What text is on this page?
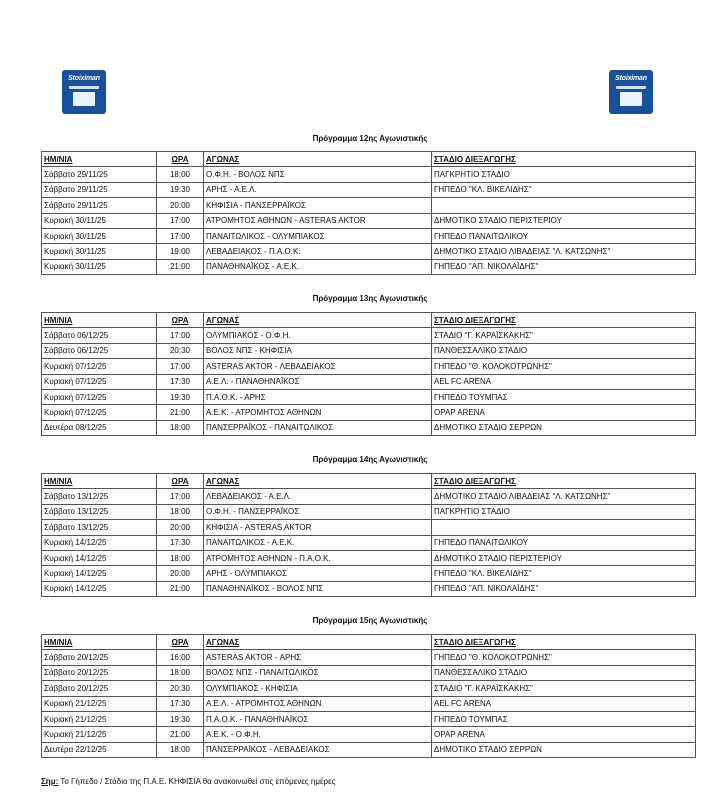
Stoiximan	Stoiximan
Πρόγραμμα 12ης Αγωνιστικής
ΗΜ/ΝΙΑ	ΩΡΑ	ΑΓΩΝΑΣ	ΣΤΑΔΙΟ ΔΙΕΞΑΓΩΓΗΣ
Σάββατο 29/11/25	18:00	Ο.Φ.Η. - ΒΟΛΟΣ ΝΠΣ	ΠΑΓΚΡΗΤΙΟ ΣΤΑΔΙΟ
Σάββατο 29/11/25	19:30	ΑΡΗΣ - Α.Ε.Λ.	ΓΗΠΕΔΟ "ΚΛ. ΒΙΚΕΛΙΔΗΣ"
Σάββατο 29/11/25	20:00	ΚΗΦΙΣΙΑ - ΠΑΝΣΕΡΡΑΪΚΟΣ	
Κυριακή 30/11/25	17:00	ΑΤΡΟΜΗΤΟΣ ΑΘΗΝΩΝ - ASTERAS AKTOR	ΔΗΜΟΤΙΚΟ ΣΤΑΔΙΟ ΠΕΡΙΣΤΕΡΙΟΥ
Κυριακή 30/11/25	17:00	ΠΑΝΑΙΤΩΛΙΚΟΣ - ΟΛΥΜΠΙΑΚΟΣ	ΓΗΠΕΔΟ ΠΑΝΑΙΤΩΛΙΚΟΥ
Κυριακή 30/11/25	19:00	ΛΕΒΑΔΕΙΑΚΟΣ - Π.Α.Ο.Κ.	ΔΗΜΟΤΙΚΟ ΣΤΑΔΙΟ ΛΙΒΑΔΕΙΑΣ "Λ. ΚΑΤΣΩΝΗΣ"
Κυριακή 30/11/25	21:00	ΠΑΝΑΘΗΝΑΪΚΟΣ - Α.Ε.Κ.	ΓΗΠΕΔΟ "ΑΠ. ΝΙΚΟΛΑΪΔΗΣ"
Πρόγραμμα 13ης Αγωνιστικής
ΗΜ/ΝΙΑ	ΩΡΑ	ΑΓΩΝΑΣ	ΣΤΑΔΙΟ ΔΙΕΞΑΓΩΓΗΣ
Σάββατο 06/12/25	17:00	ΟΛΥΜΠΙΑΚΟΣ - Ο.Φ.Η.	ΣΤΑΔΙΟ "Γ. ΚΑΡΑΪΣΚΑΚΗΣ"
Σάββατο 06/12/25	20:30	ΒΟΛΟΣ ΝΠΣ - ΚΗΦΙΣΙΑ	ΠΑΝΘΕΣΣΑΛΙΚΟ ΣΤΑΔΙΟ
Κυριακή 07/12/25	17:00	ASTERAS AKTOR - ΛΕΒΑΔΕΙΑΚΟΣ	ΓΗΠΕΔΟ "Θ. ΚΟΛΟΚΟΤΡΩΝΗΣ"
Κυριακή 07/12/25	17:30	Α.Ε.Λ. - ΠΑΝΑΘΗΝΑΪΚΟΣ	AEL FC ARENA
Κυριακή 07/12/25	19:30	Π.Α.Ο.Κ. - ΑΡΗΣ	ΓΗΠΕΔΟ ΤΟΥΜΠΑΣ
Κυριακή 07/12/25	21:00	Α.Ε.Κ. - ΑΤΡΟΜΗΤΟΣ ΑΘΗΝΩΝ	OPAP ARENA
Δευτέρα 08/12/25	18:00	ΠΑΝΣΕΡΡΑΪΚΟΣ - ΠΑΝΑΙΤΩΛΙΚΟΣ	ΔΗΜΟΤΙΚΟ ΣΤΑΔΙΟ ΣΕΡΡΩΝ
Πρόγραμμα 14ης Αγωνιστικής
ΗΜ/ΝΙΑ	ΩΡΑ	ΑΓΩΝΑΣ	ΣΤΑΔΙΟ ΔΙΕΞΑΓΩΓΗΣ
Σάββατο 13/12/25	17:00	ΛΕΒΑΔΕΙΑΚΟΣ - Α.Ε.Λ.	ΔΗΜΟΤΙΚΟ ΣΤΑΔΙΟ ΛΙΒΑΔΕΙΑΣ "Λ. ΚΑΤΣΩΝΗΣ"
Σάββατο 13/12/25	18:00	Ο.Φ.Η. - ΠΑΝΣΕΡΡΑΪΚΟΣ	ΠΑΓΚΡΗΤΙΟ ΣΤΑΔΙΟ
Σάββατο 13/12/25	20:00	ΚΗΦΙΣΙΑ - ASTERAS AKTOR	
Κυριακή 14/12/25	17:30	ΠΑΝΑΙΤΩΛΙΚΟΣ - Α.Ε.Κ.	ΓΗΠΕΔΟ ΠΑΝΑΙΤΩΛΙΚΟΥ
Κυριακή 14/12/25	18:00	ΑΤΡΟΜΗΤΟΣ ΑΘΗΝΩΝ - Π.Α.Ο.Κ.	ΔΗΜΟΤΙΚΟ ΣΤΑΔΙΟ ΠΕΡΙΣΤΕΡΙΟΥ
Κυριακή 14/12/25	20:00	ΑΡΗΣ - ΟΛΥΜΠΙΑΚΟΣ	ΓΗΠΕΔΟ "ΚΛ. ΒΙΚΕΛΙΔΗΣ"
Κυριακή 14/12/25	21:00	ΠΑΝΑΘΗΝΑΪΚΟΣ - ΒΟΛΟΣ ΝΠΣ	ΓΗΠΕΔΟ "ΑΠ. ΝΙΚΟΛΑΪΔΗΣ"
Πρόγραμμα 15ης Αγωνιστικής
ΗΜ/ΝΙΑ	ΩΡΑ	ΑΓΩΝΑΣ	ΣΤΑΔΙΟ ΔΙΕΞΑΓΩΓΗΣ
Σάββατο 20/12/25	16:00	ASTERAS AKTOR - ΑΡΗΣ	ΓΗΠΕΔΟ "Θ. ΚΟΛΟΚΟΤΡΩΝΗΣ"
Σάββατο 20/12/25	18:00	ΒΟΛΟΣ ΝΠΣ - ΠΑΝΑΙΤΩΛΙΚΟΣ	ΠΑΝΘΕΣΣΑΛΙΚΟ ΣΤΑΔΙΟ
Σάββατο 20/12/25	20:30	ΟΛΥΜΠΙΑΚΟΣ - ΚΗΦΙΣΙΑ	ΣΤΑΔΙΟ "Γ. ΚΑΡΑΪΣΚΑΚΗΣ"
Κυριακή 21/12/25	17:30	Α.Ε.Λ. - ΑΤΡΟΜΗΤΟΣ ΑΘΗΝΩΝ	AEL FC ARENA
Κυριακή 21/12/25	19:30	Π.Α.Ο.Κ. - ΠΑΝΑΘΗΝΑΪΚΟΣ	ΓΗΠΕΔΟ ΤΟΥΜΠΑΣ
Κυριακή 21/12/25	21:00	Α.Ε.Κ. - Ο.Φ.Η.	OPAP ARENA
Δευτέρα 22/12/25	18:00	ΠΑΝΣΕΡΡΑΪΚΟΣ - ΛΕΒΑΔΕΙΑΚΟΣ	ΔΗΜΟΤΙΚΟ ΣΤΑΔΙΟ ΣΕΡΡΩΝ
Σημ: Το Γήπεδο / Στάδιο της Π.Α.Ε. ΚΗΦΙΣΙΑ θα ανακοινωθεί στις επόμενες ημέρες
